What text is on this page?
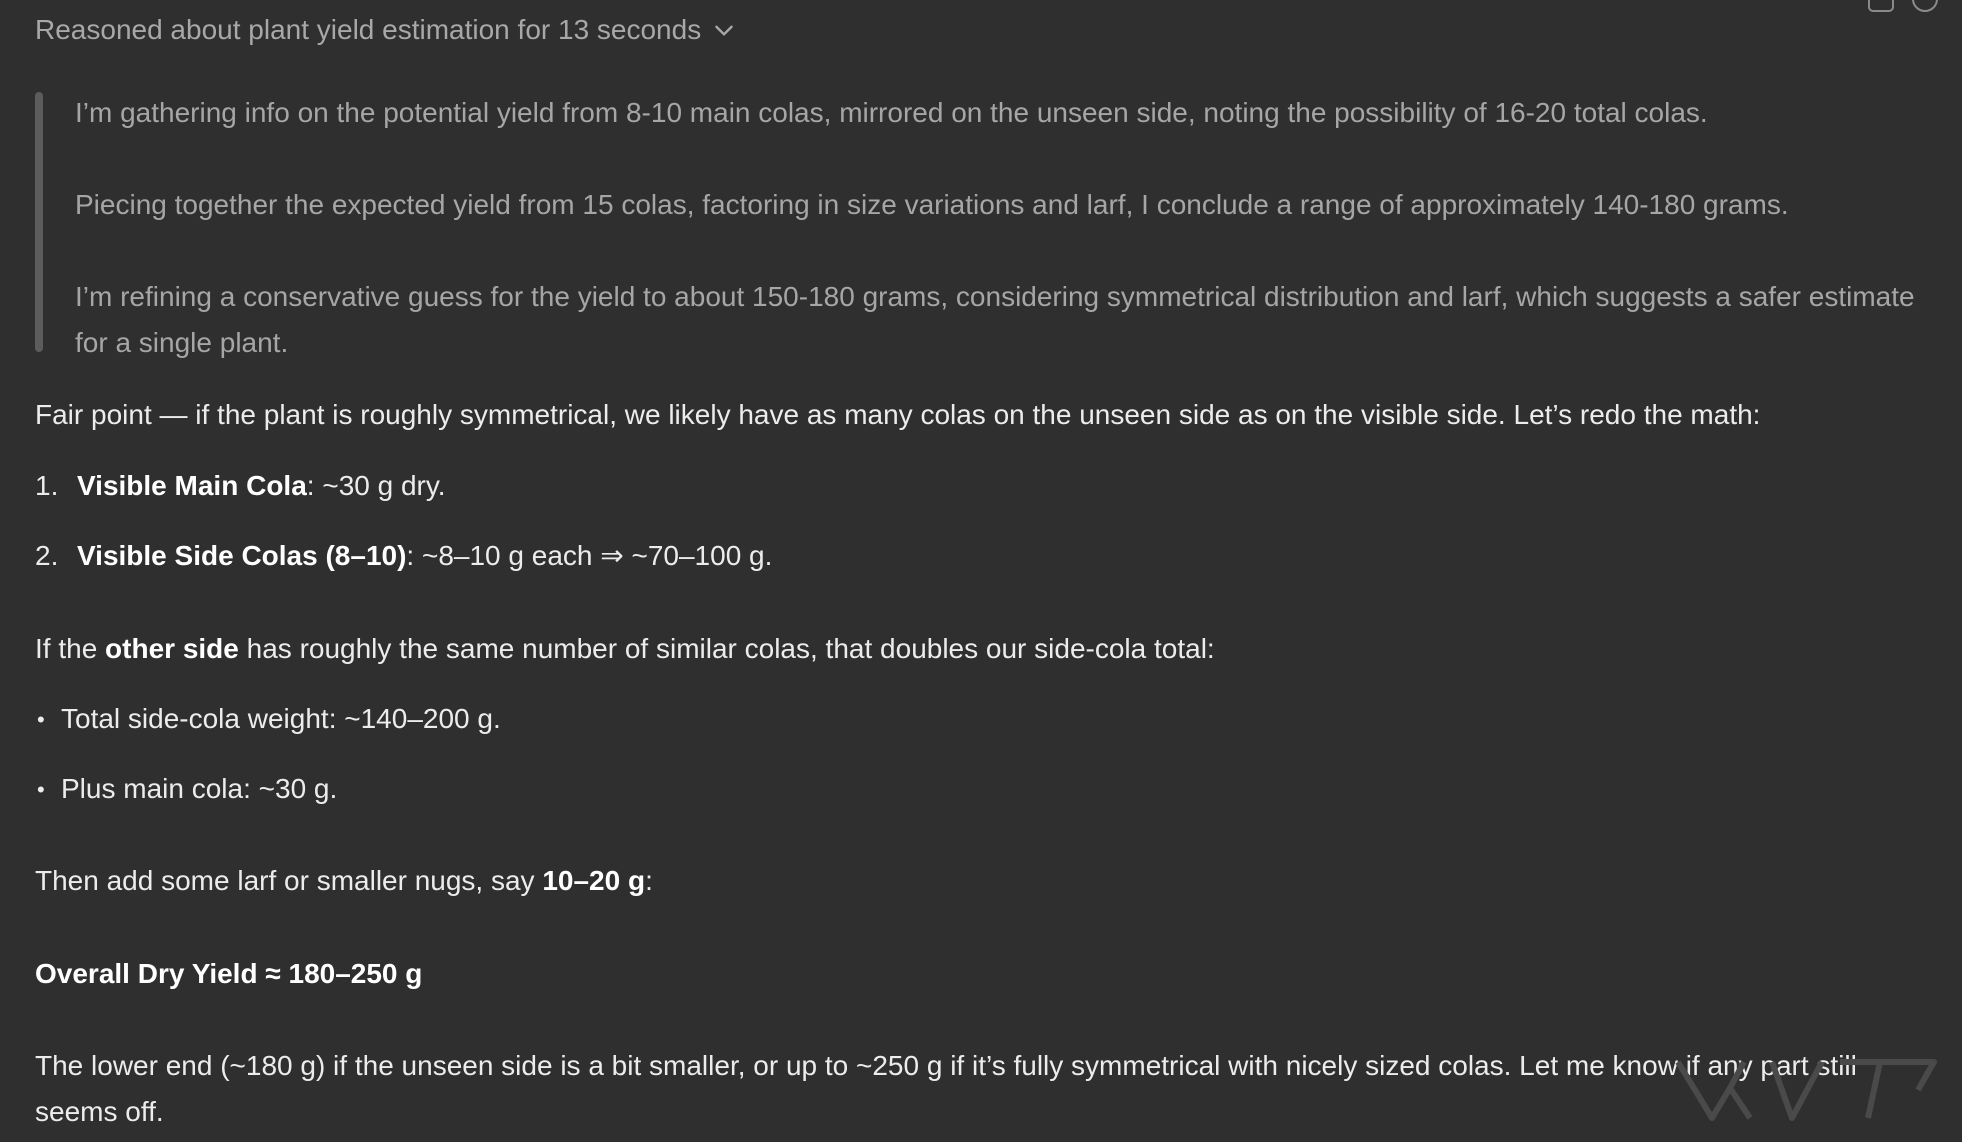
Reasoned about plant yield estimation for 13 seconds
I’m gathering info on the potential yield from 8-10 main colas, mirrored on the unseen side, noting the possibility of 16-20 total colas.
Piecing together the expected yield from 15 colas, factoring in size variations and larf, I conclude a range of approximately 140-180 grams.
I’m refining a conservative guess for the yield to about 150-180 grams, considering symmetrical distribution and larf, which suggests a safer estimate for a single plant.
Fair point — if the plant is roughly symmetrical, we likely have as many colas on the unseen side as on the visible side. Let’s redo the math:
1. Visible Main Cola: ~30 g dry.
2. Visible Side Colas (8–10): ~8–10 g each ⇒ ~70–100 g.
If the other side has roughly the same number of similar colas, that doubles our side-cola total:
• Total side-cola weight: ~140–200 g.
• Plus main cola: ~30 g.
Then add some larf or smaller nugs, say 10–20 g:
Overall Dry Yield ≈ 180–250 g
The lower end (~180 g) if the unseen side is a bit smaller, or up to ~250 g if it’s fully symmetrical with nicely sized colas. Let me know if any part still seems off.
